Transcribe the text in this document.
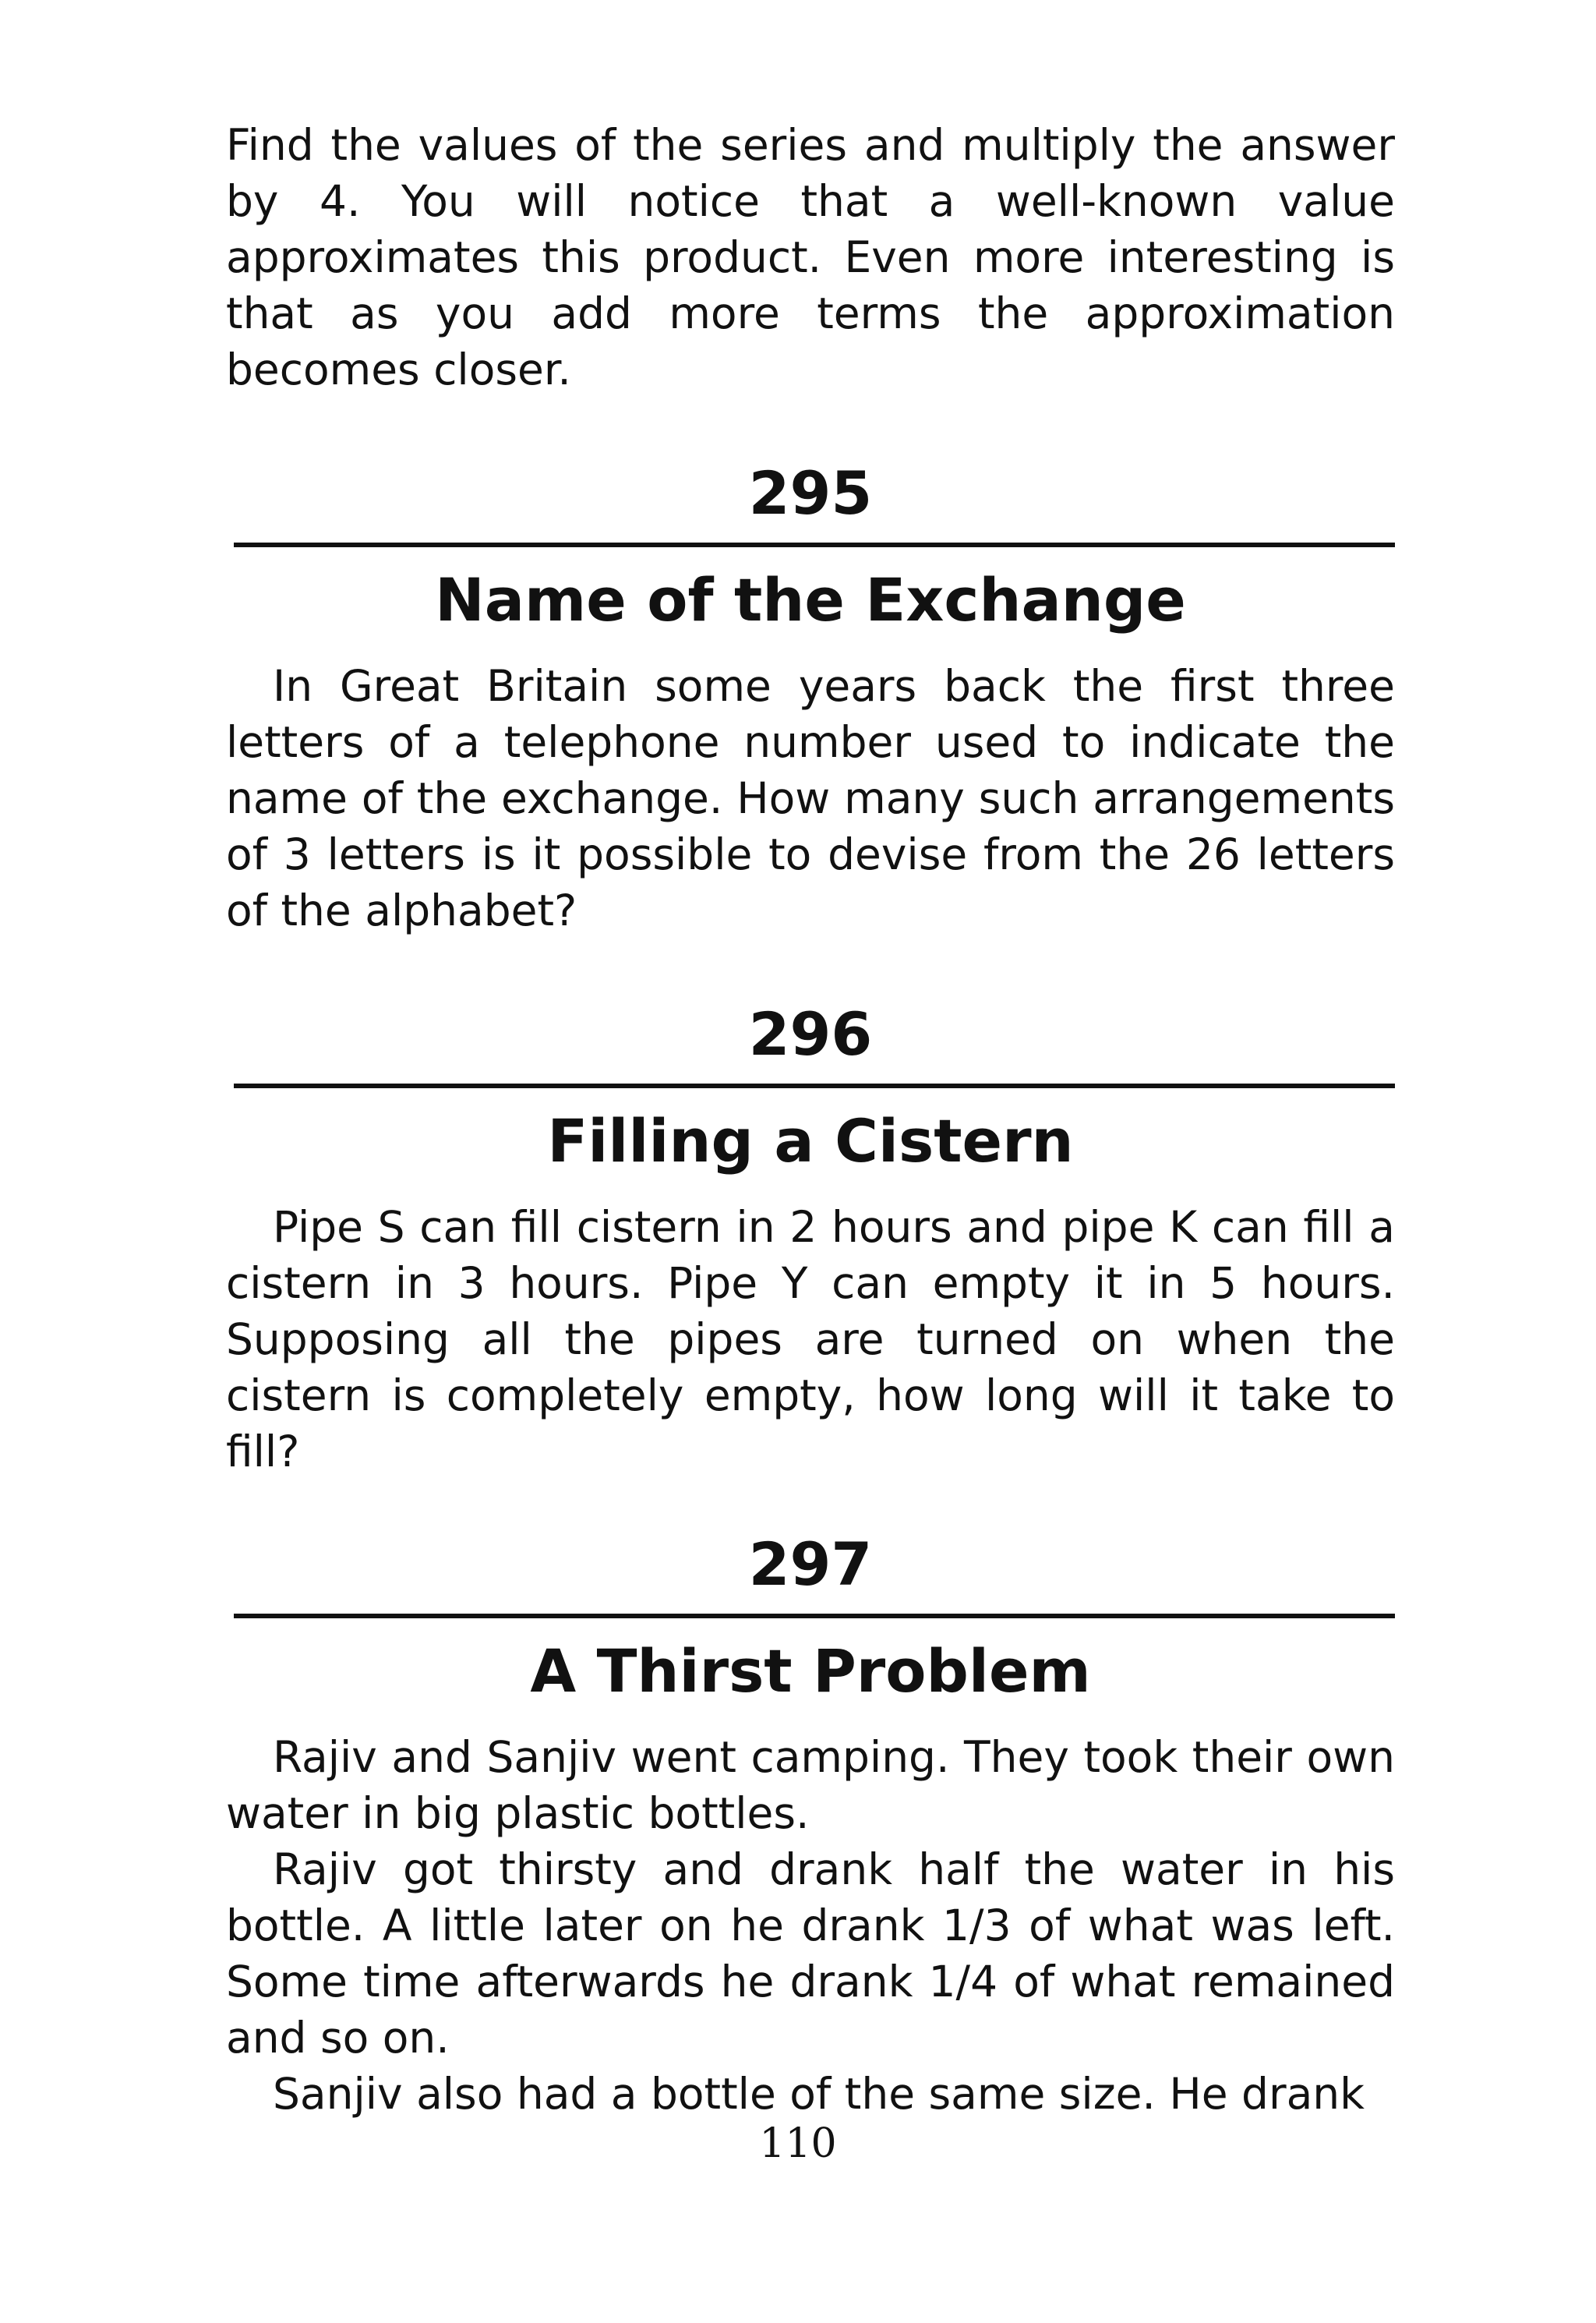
Find the values of the series and multiply the answer by 4. You will notice that a well-known value approximates this product. Even more interesting is that as you add more terms the approximation becomes closer.

295

Name of the Exchange

In Great Britain some years back the first three letters of a telephone number used to indicate the name of the exchange. How many such arrangements of 3 letters is it possible to devise from the 26 letters of the alphabet?

296

Filling a Cistern

Pipe S can fill cistern in 2 hours and pipe K can fill a cistern in 3 hours. Pipe Y can empty it in 5 hours. Supposing all the pipes are turned on when the cistern is completely empty, how long will it take to fill?

297

A Thirst Problem

Rajiv and Sanjiv went camping. They took their own water in big plastic bottles.

Rajiv got thirsty and drank half the water in his bottle. A little later on he drank 1/3 of what was left. Some time afterwards he drank 1/4 of what remained and so on.

Sanjiv also had a bottle of the same size. He drank

110
